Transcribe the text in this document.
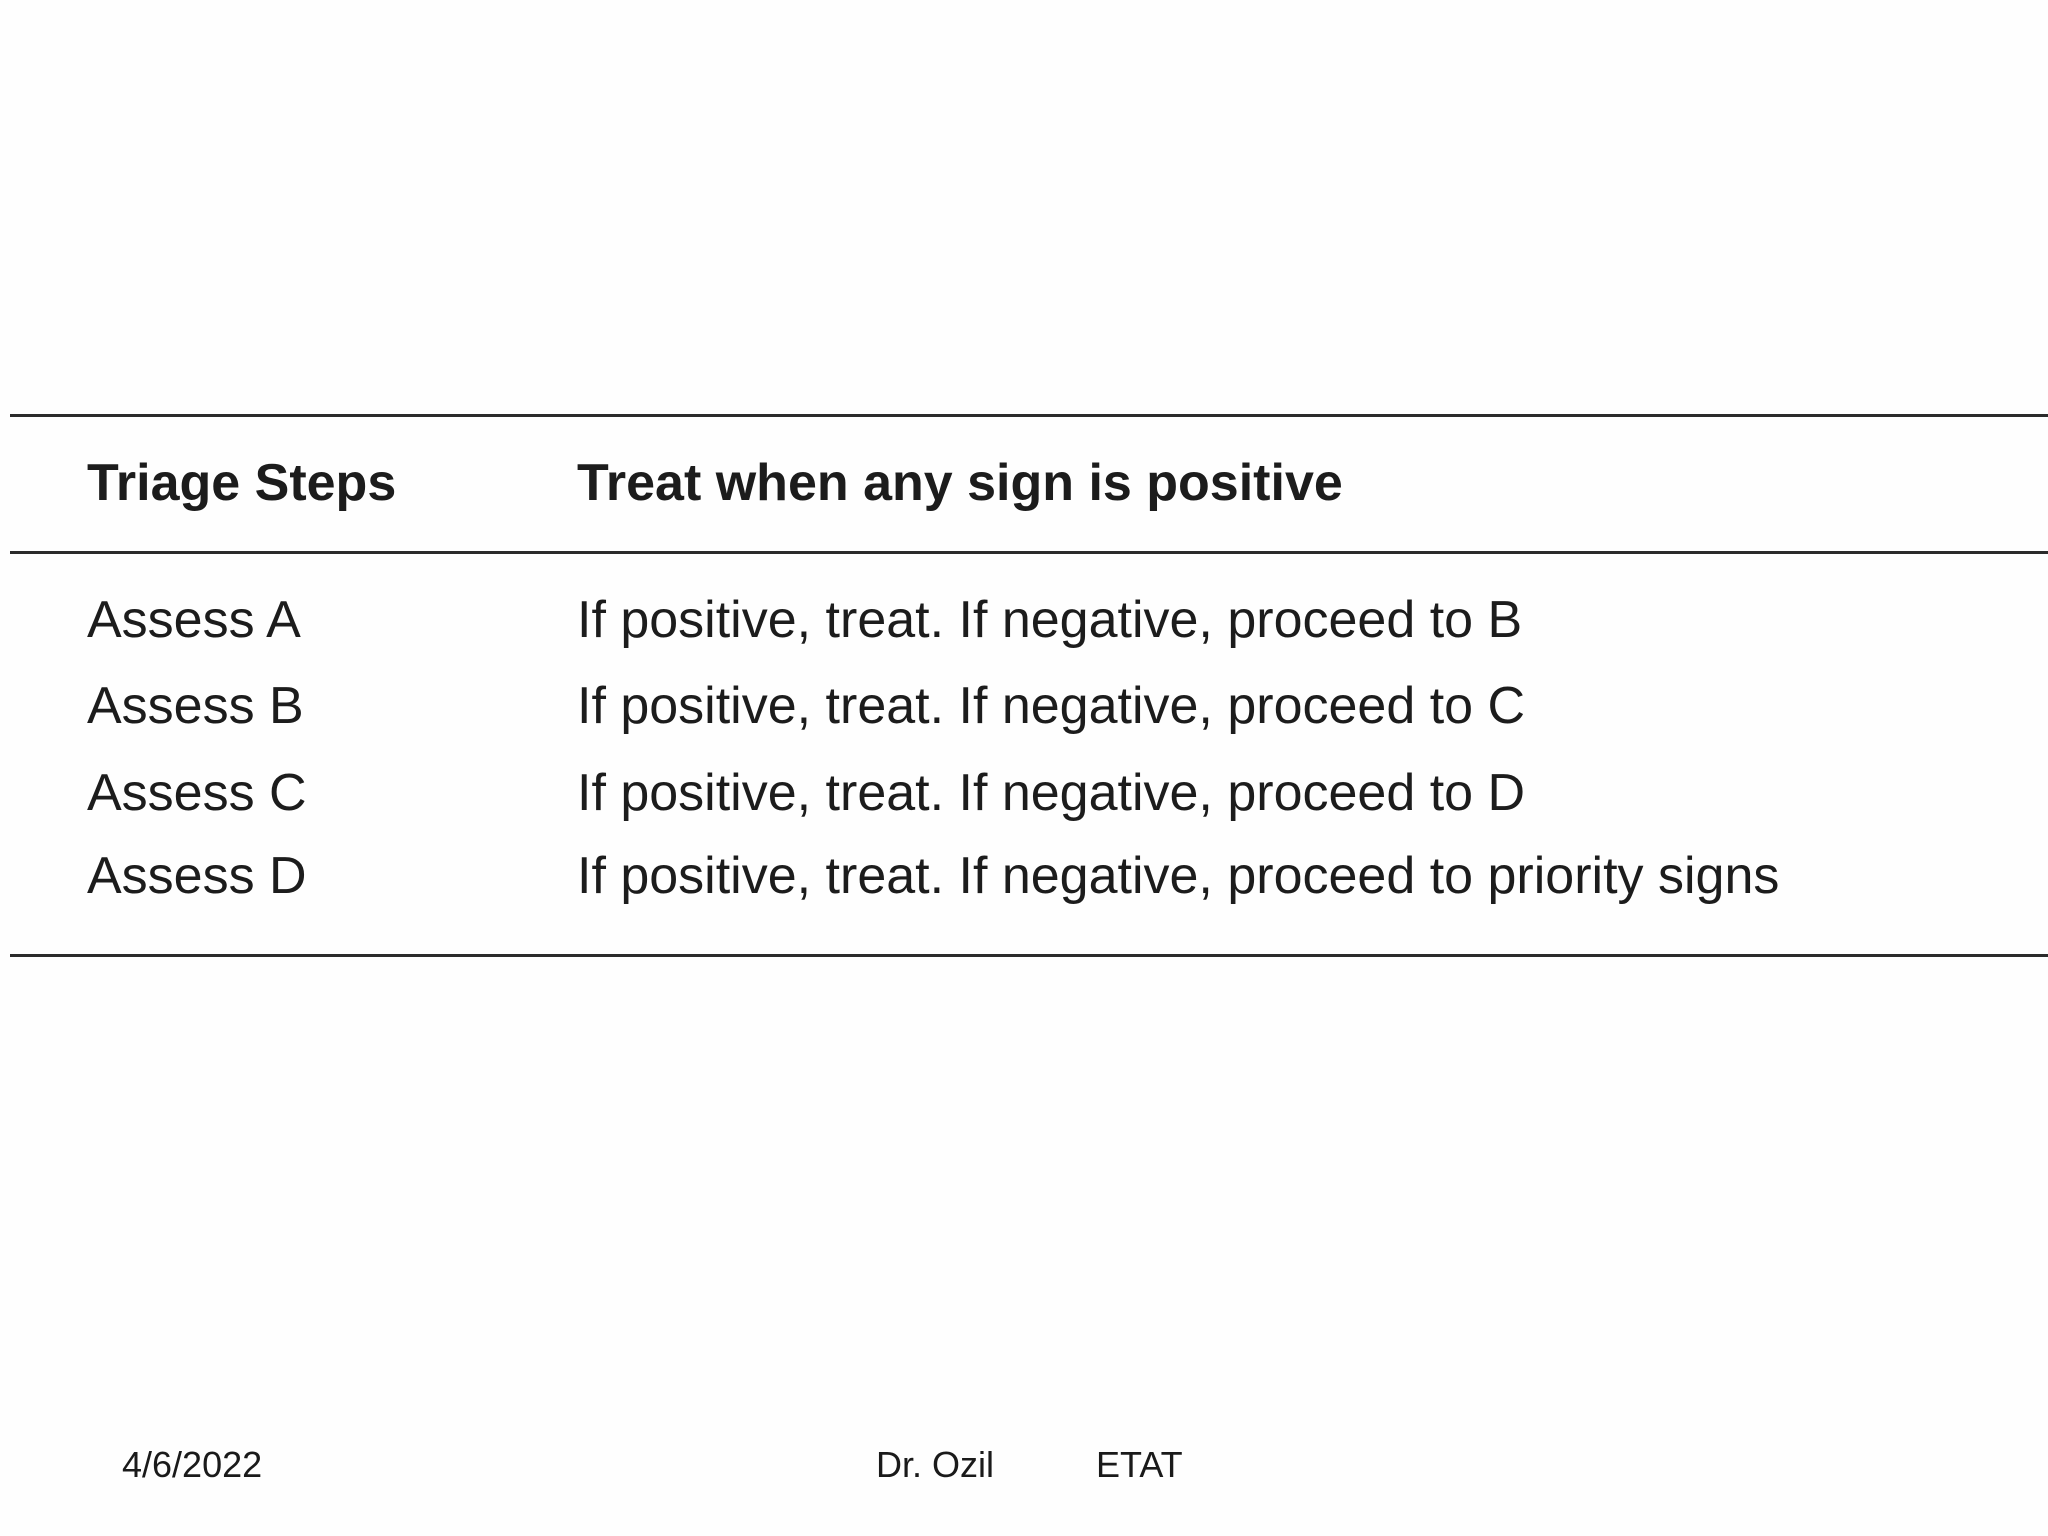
Triage Steps	Treat when any sign is positive
Assess A	If positive, treat. If negative, proceed to B
Assess B	If positive, treat. If negative, proceed to C
Assess C	If positive, treat. If negative, proceed to D
Assess D	If positive, treat. If negative, proceed to priority signs
4/6/2022	Dr. Ozil	ETAT
